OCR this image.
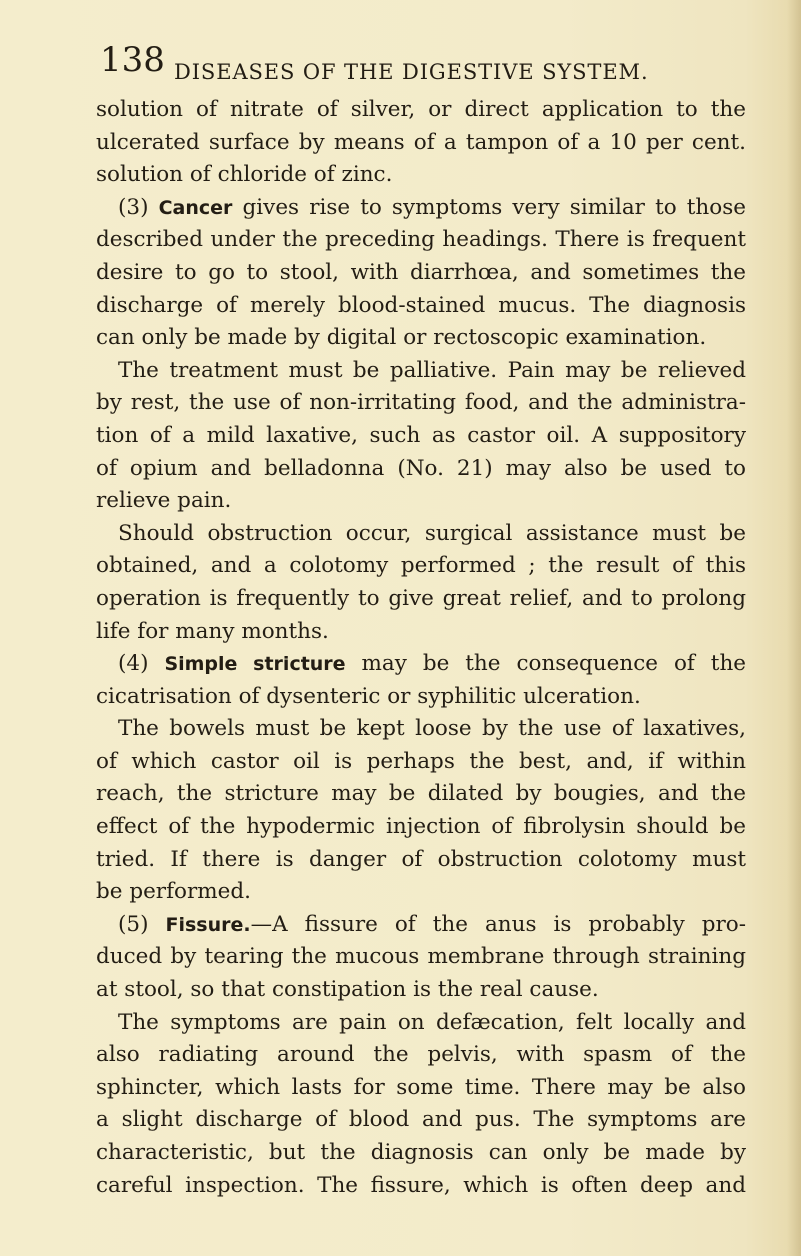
138 DISEASES OF THE DIGESTIVE SYSTEM.
solution of nitrate of silver, or direct application to the
ulcerated surface by means of a tampon of a 10 per cent.
solution of chloride of zinc.
(3) Cancer gives rise to symptoms very similar to those
described under the preceding headings. There is frequent
desire to go to stool, with diarrhœa, and sometimes the
discharge of merely blood-stained mucus. The diagnosis
can only be made by digital or rectoscopic examination.
The treatment must be palliative. Pain may be relieved
by rest, the use of non-irritating food, and the administra-
tion of a mild laxative, such as castor oil. A suppository
of opium and belladonna (No. 21) may also be used to
relieve pain.
Should obstruction occur, surgical assistance must be
obtained, and a colotomy performed ; the result of this
operation is frequently to give great relief, and to prolong
life for many months.
(4) Simple stricture may be the consequence of the
cicatrisation of dysenteric or syphilitic ulceration.
The bowels must be kept loose by the use of laxatives,
of which castor oil is perhaps the best, and, if within
reach, the stricture may be dilated by bougies, and the
effect of the hypodermic injection of fibrolysin should be
tried. If there is danger of obstruction colotomy must
be performed.
(5) Fissure.—A fissure of the anus is probably pro-
duced by tearing the mucous membrane through straining
at stool, so that constipation is the real cause.
The symptoms are pain on defæcation, felt locally and
also radiating around the pelvis, with spasm of the
sphincter, which lasts for some time. There may be also
a slight discharge of blood and pus. The symptoms are
characteristic, but the diagnosis can only be made by
careful inspection. The fissure, which is often deep and
